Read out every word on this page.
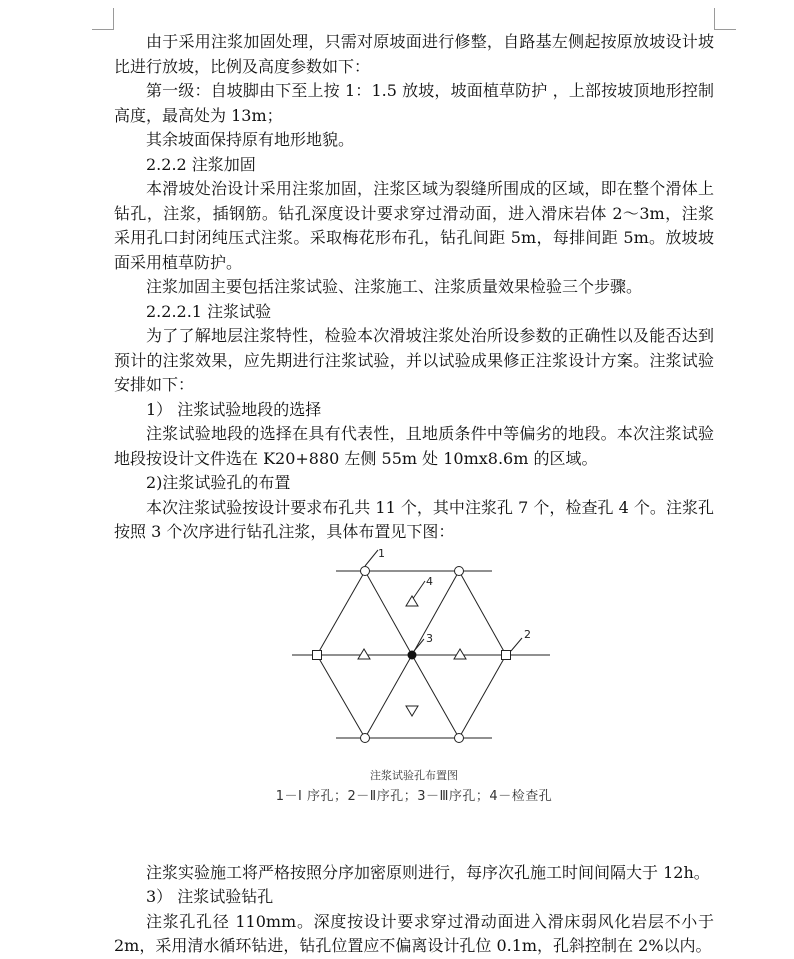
由于采用注浆加固处理，只需对原坡面进行修整，自路基左侧起按原放坡设计坡比进行放坡，比例及高度参数如下：

第一级：自坡脚由下至上按 1：1.5 放坡，坡面植草防护 ，上部按坡顶地形控制高度，最高处为 13m；

其余坡面保持原有地形地貌。

2.2.2 注浆加固

本滑坡处治设计采用注浆加固，注浆区域为裂缝所围成的区域，即在整个滑体上钻孔，注浆，插钢筋。钻孔深度设计要求穿过滑动面，进入滑床岩体 2～3m，注浆采用孔口封闭纯压式注浆。采取梅花形布孔，钻孔间距 5m，每排间距 5m。放坡坡面采用植草防护。

注浆加固主要包括注浆试验、注浆施工、注浆质量效果检验三个步骤。

2.2.2.1 注浆试验

为了了解地层注浆特性，检验本次滑坡注浆处治所设参数的正确性以及能否达到预计的注浆效果，应先期进行注浆试验，并以试验成果修正注浆设计方案。注浆试验安排如下：

1） 注浆试验地段的选择

注浆试验地段的选择在具有代表性，且地质条件中等偏劣的地段。本次注浆试验地段按设计文件选在 K20+880 左侧 55m 处 10mx8.6m 的区域。

2)注浆试验孔的布置

本次注浆试验按设计要求布孔共 11 个，其中注浆孔 7 个，检查孔 4 个。注浆孔按照 3 个次序进行钻孔注浆，具体布置见下图：

1
2
3
4
注浆试验孔布置图
1－Ⅰ 序孔；2－Ⅱ序孔；3－Ⅲ序孔；4－检查孔

注浆实验施工将严格按照分序加密原则进行，每序次孔施工时间间隔大于 12h。

3） 注浆试验钻孔

注浆孔孔径 110mm。深度按设计要求穿过滑动面进入滑床弱风化岩层不小于 2m，采用清水循环钻进，钻孔位置应不偏离设计孔位 0.1m，孔斜控制在 2%以内。
